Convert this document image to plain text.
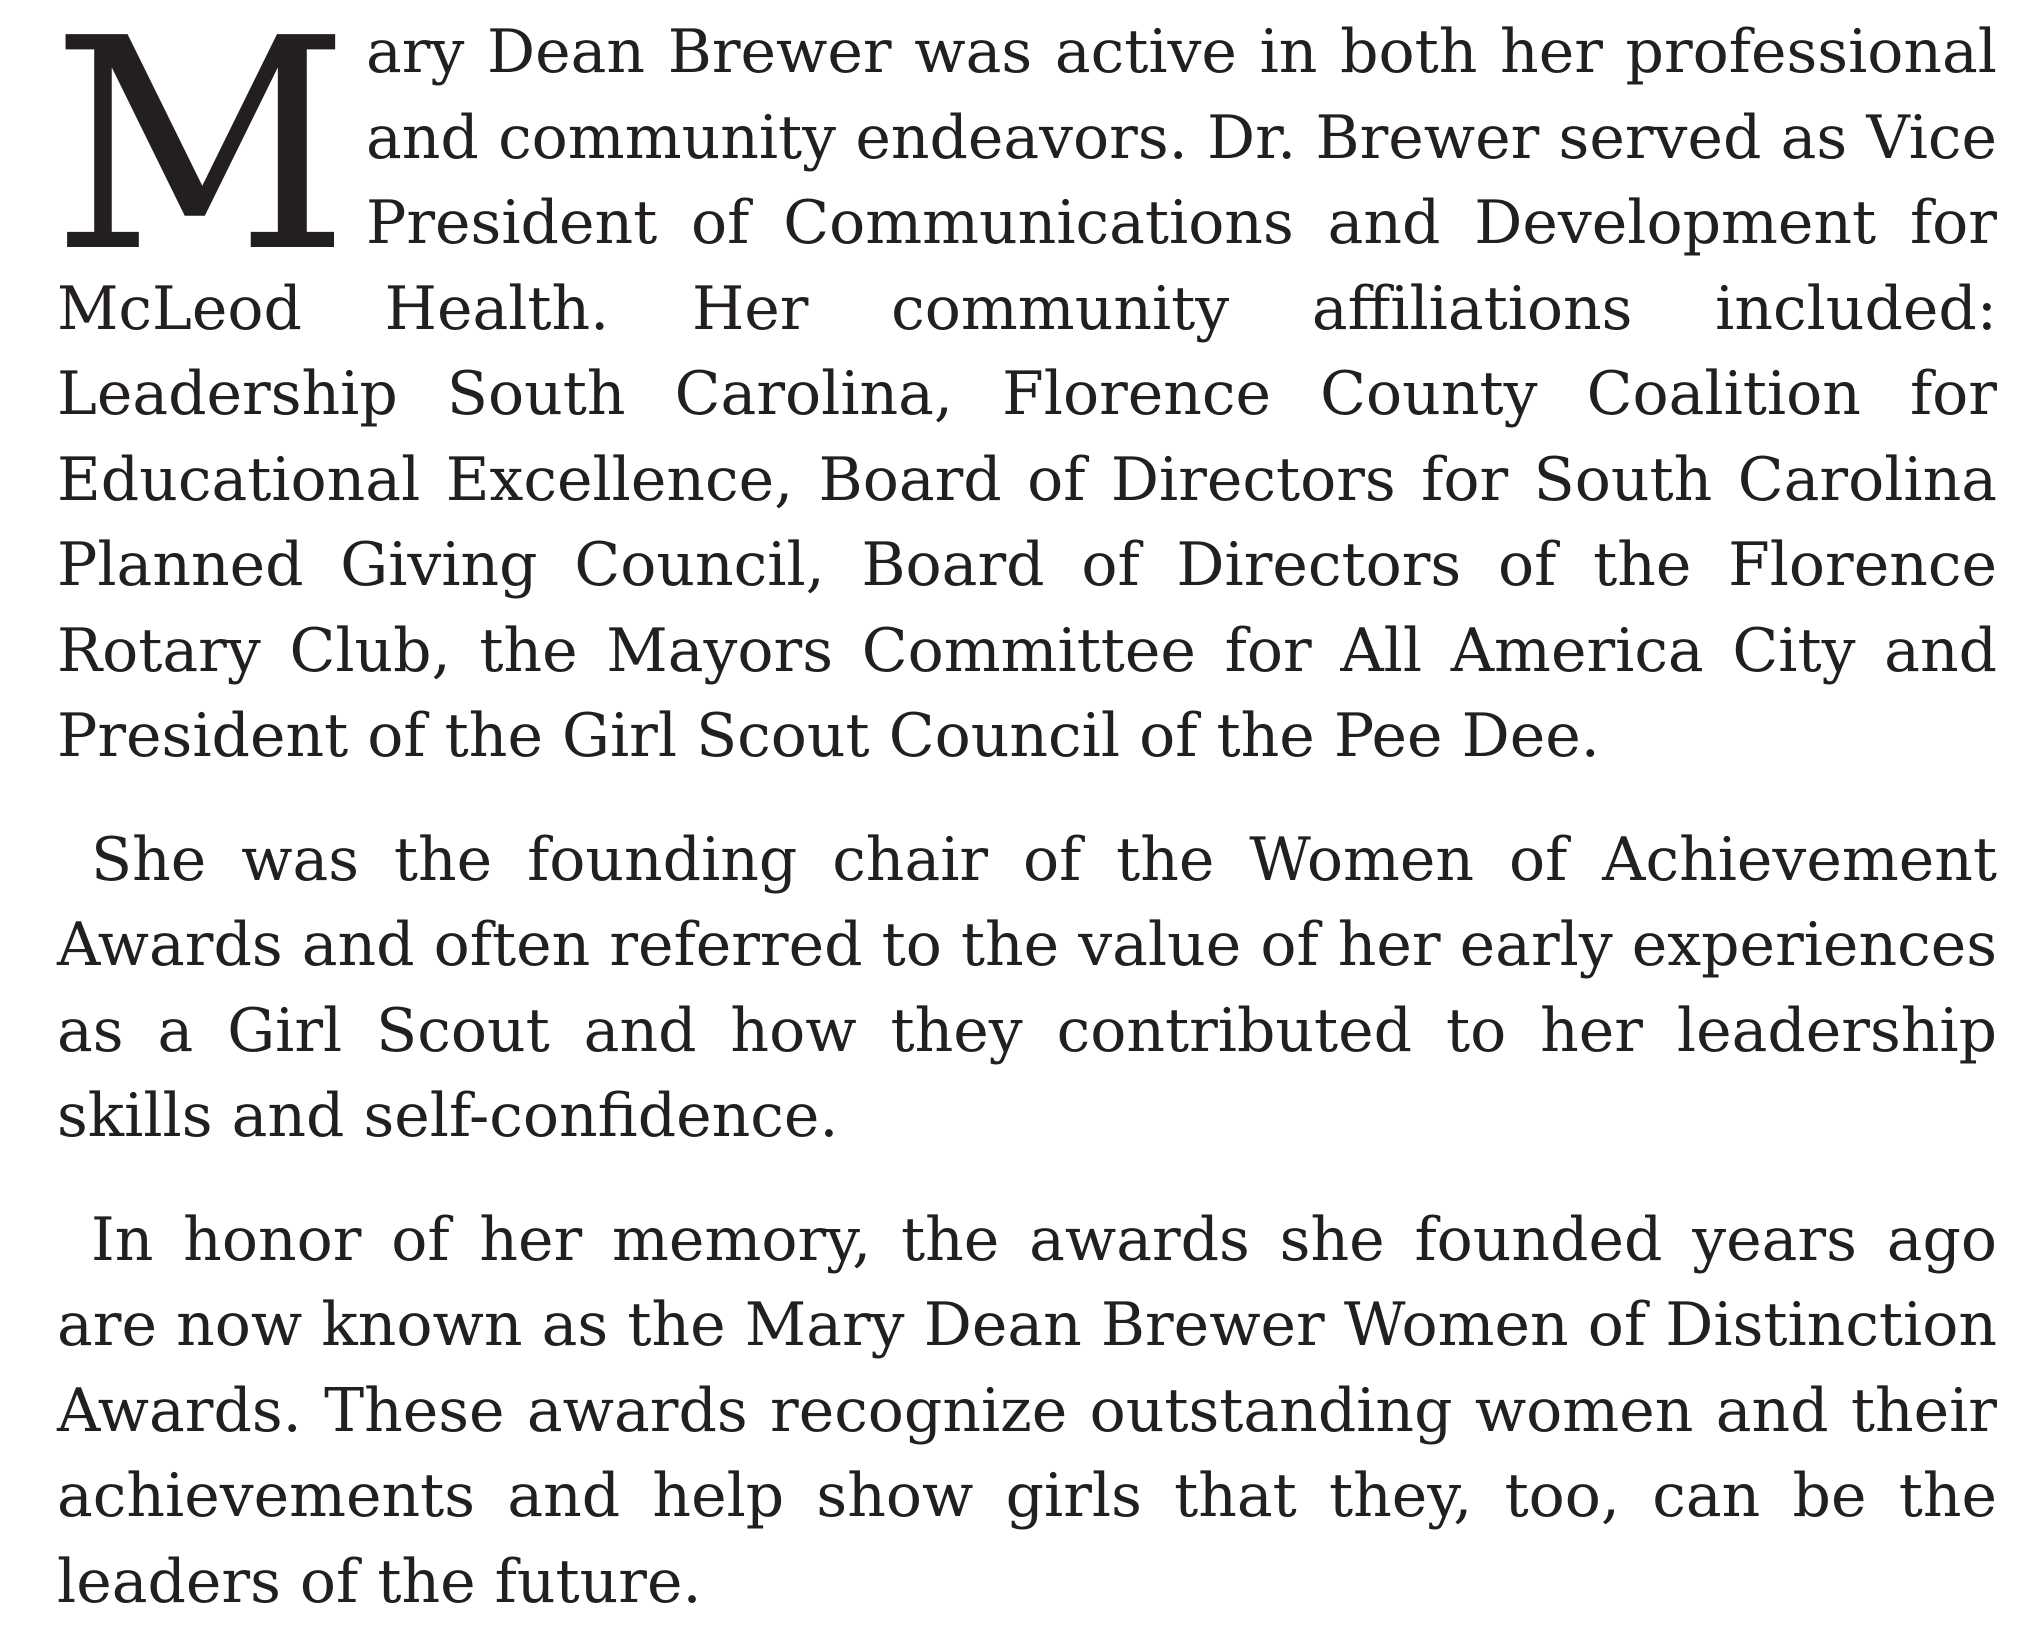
Mary Dean Brewer was active in both her professional and community endeavors. Dr. Brewer served as Vice President of Communications and Development for McLeod Health. Her community affiliations included: Leadership South Carolina, Florence County Coalition for Educational Excellence, Board of Directors for South Carolina Planned Giving Council, Board of Directors of the Florence Rotary Club, the Mayors Committee for All America City and President of the Girl Scout Council of the Pee Dee.

She was the founding chair of the Women of Achievement Awards and often referred to the value of her early experiences as a Girl Scout and how they contributed to her leadership skills and self-confidence.

In honor of her memory, the awards she founded years ago are now known as the Mary Dean Brewer Women of Distinction Awards. These awards recognize outstanding women and their achievements and help show girls that they, too, can be the leaders of the future.
